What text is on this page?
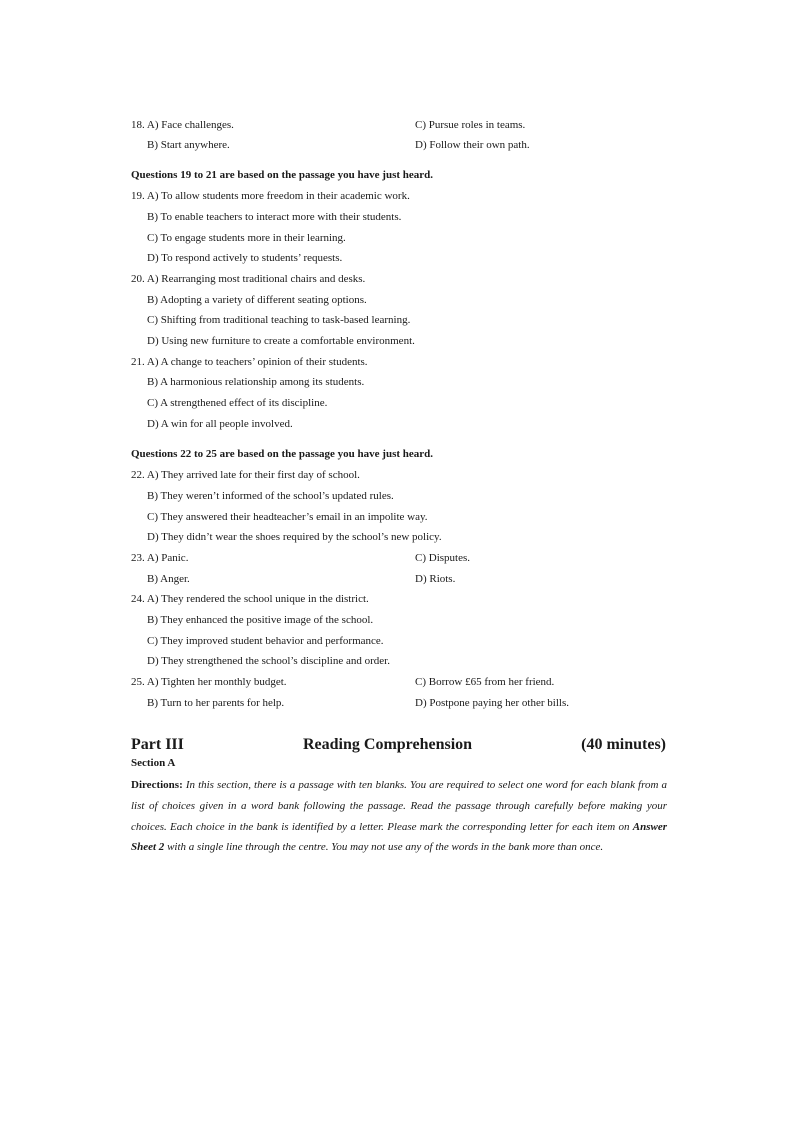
18. A) Face challenges.	C) Pursue roles in teams.
B) Start anywhere.	D) Follow their own path.
Questions 19 to 21 are based on the passage you have just heard.
19. A) To allow students more freedom in their academic work.
B) To enable teachers to interact more with their students.
C) To engage students more in their learning.
D) To respond actively to students’ requests.
20. A) Rearranging most traditional chairs and desks.
B) Adopting a variety of different seating options.
C) Shifting from traditional teaching to task-based learning.
D) Using new furniture to create a comfortable environment.
21. A) A change to teachers’ opinion of their students.
B) A harmonious relationship among its students.
C) A strengthened effect of its discipline.
D) A win for all people involved.
Questions 22 to 25 are based on the passage you have just heard.
22. A) They arrived late for their first day of school.
B) They weren’t informed of the school’s updated rules.
C) They answered their headteacher’s email in an impolite way.
D) They didn’t wear the shoes required by the school’s new policy.
23. A) Panic.	C) Disputes.
B) Anger.	D) Riots.
24. A) They rendered the school unique in the district.
B) They enhanced the positive image of the school.
C) They improved student behavior and performance.
D) They strengthened the school’s discipline and order.
25. A) Tighten her monthly budget.	C) Borrow £65 from her friend.
B) Turn to her parents for help.	D) Postpone paying her other bills.
Part III	Reading Comprehension	(40 minutes)
Section A
Directions: In this section, there is a passage with ten blanks. You are required to select one word for each blank from a list of choices given in a word bank following the passage. Read the passage through carefully before making your choices. Each choice in the bank is identified by a letter. Please mark the corresponding letter for each item on Answer Sheet 2 with a single line through the centre. You may not use any of the words in the bank more than once.
